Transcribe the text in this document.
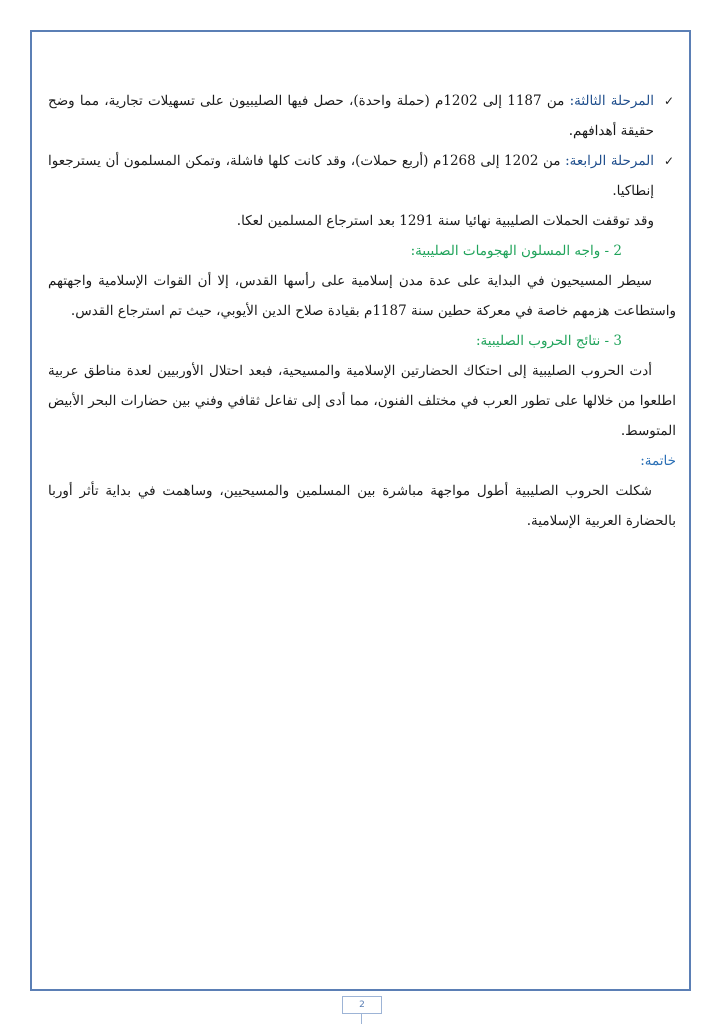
✓
المرحلة الثالثة: من 1187 إلى 1202م (حملة واحدة)، حصل فيها الصليبيون على تسهيلات تجارية، مما وضح حقيقة أهدافهم.

✓
المرحلة الرابعة: من 1202 إلى 1268م (أربع حملات)، وقد كانت كلها فاشلة، وتمكن المسلمون أن يسترجعوا إنطاكيا.

وقد توقفت الحملات الصليبية نهائيا سنة 1291 بعد استرجاع المسلمين لعكا.

2 - واجه المسلون الهجومات الصليبية:

سيطر المسيحيون في البداية على عدة مدن إسلامية على رأسها القدس، إلا أن القوات الإسلامية واجهتهم واستطاعت هزمهم خاصة في معركة حطين سنة 1187م بقيادة صلاح الدين الأيوبي، حيث تم استرجاع القدس.

3 - نتائج الحروب الصليبية:

أدت الحروب الصليبية إلى احتكاك الحضارتين الإسلامية والمسيحية، فبعد احتلال الأوربيين لعدة مناطق عربية اطلعوا من خلالها على تطور العرب في مختلف الفنون، مما أدى إلى تفاعل ثقافي وفني بين حضارات البحر الأبيض المتوسط.

خاتمة:

شكلت الحروب الصليبية أطول مواجهة مباشرة بين المسلمين والمسيحيين، وساهمت في بداية تأثر أوربا بالحضارة العربية الإسلامية.

2
